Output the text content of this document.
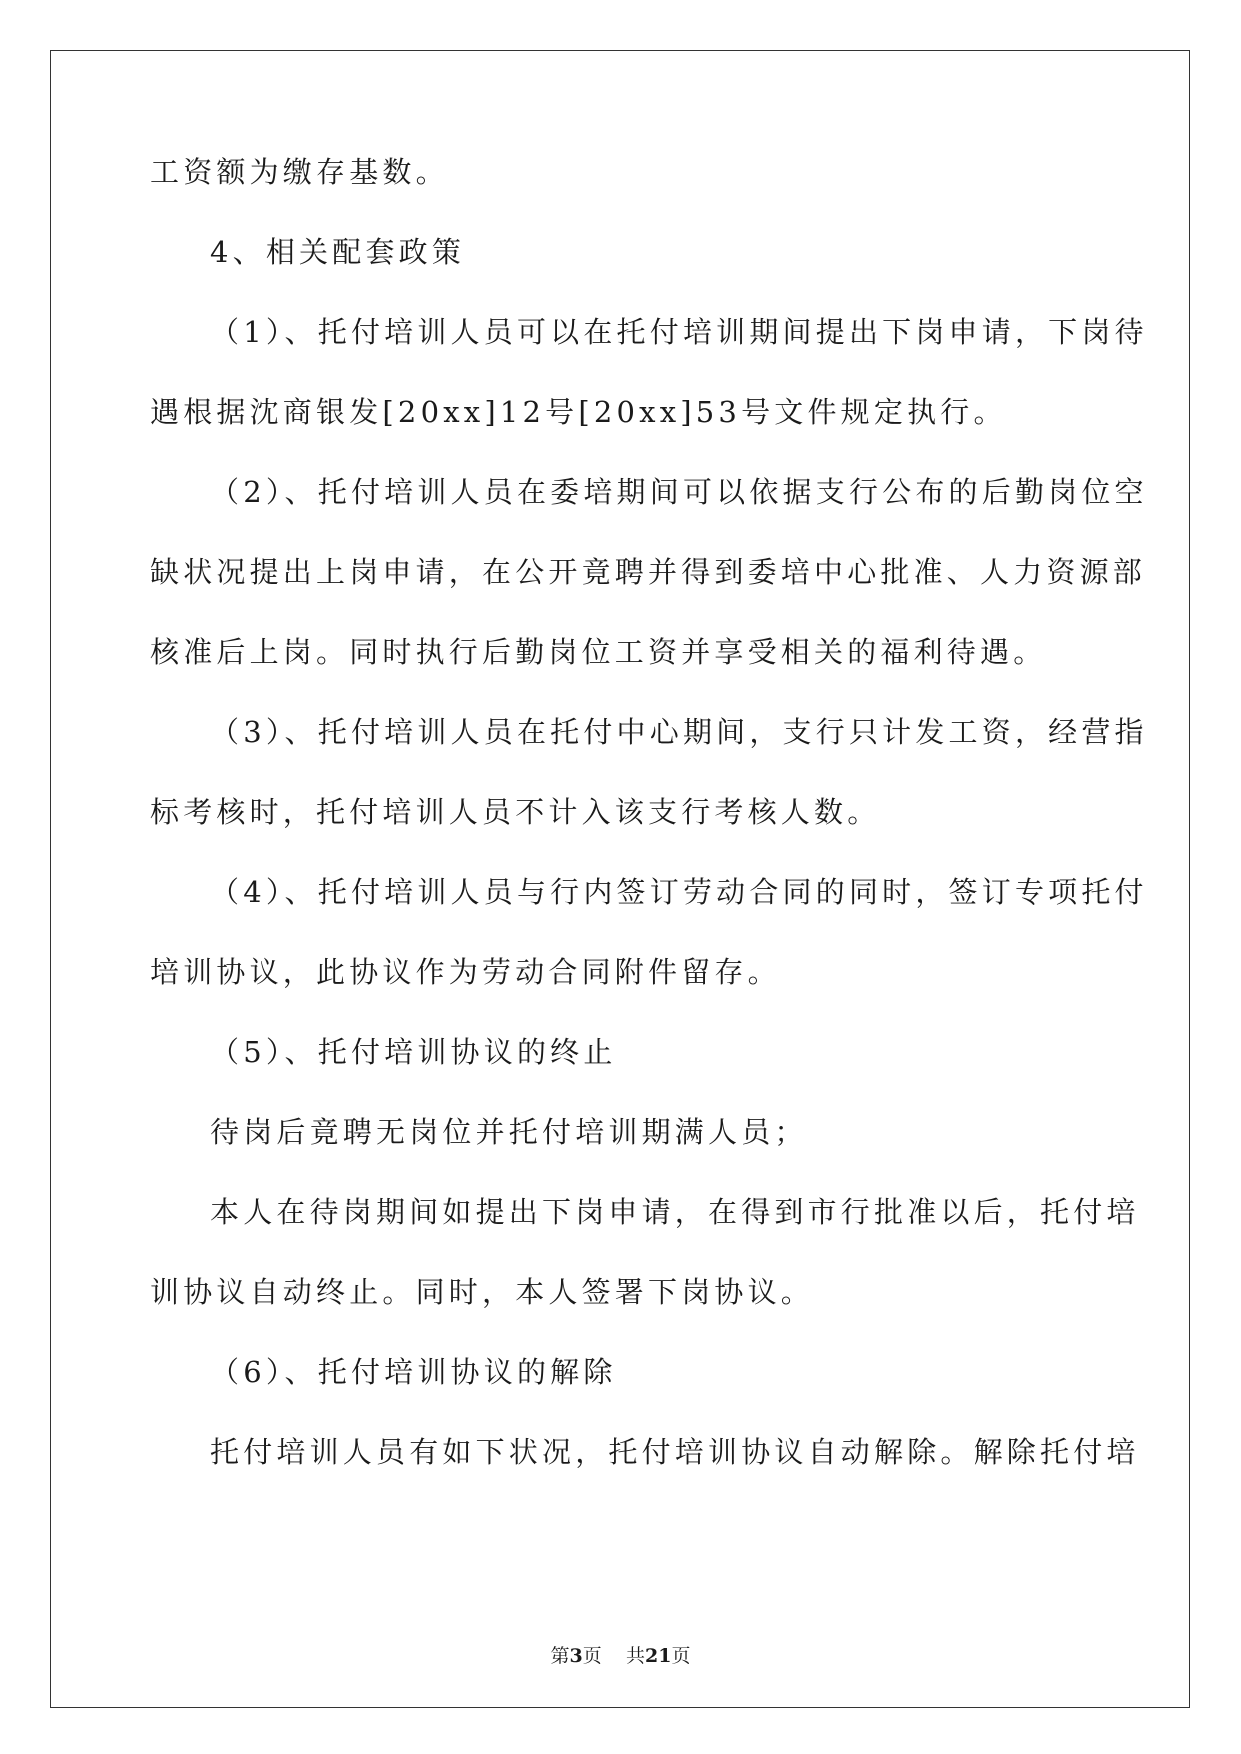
工资额为缴存基数。
4、相关配套政策
（1）、托付培训人员可以在托付培训期间提出下岗申请，下岗待
遇根据沈商银发[20xx]12号[20xx]53号文件规定执行。
（2）、托付培训人员在委培期间可以依据支行公布的后勤岗位空
缺状况提出上岗申请，在公开竟聘并得到委培中心批准、人力资源部
核准后上岗。同时执行后勤岗位工资并享受相关的福利待遇。
（3）、托付培训人员在托付中心期间，支行只计发工资，经营指
标考核时，托付培训人员不计入该支行考核人数。
（4）、托付培训人员与行内签订劳动合同的同时，签订专项托付
培训协议，此协议作为劳动合同附件留存。
（5）、托付培训协议的终止
待岗后竟聘无岗位并托付培训期满人员；
本人在待岗期间如提出下岗申请，在得到市行批准以后，托付培
训协议自动终止。同时，本人签署下岗协议。
（6）、托付培训协议的解除
托付培训人员有如下状况，托付培训协议自动解除。解除托付培
第3页 共21页
